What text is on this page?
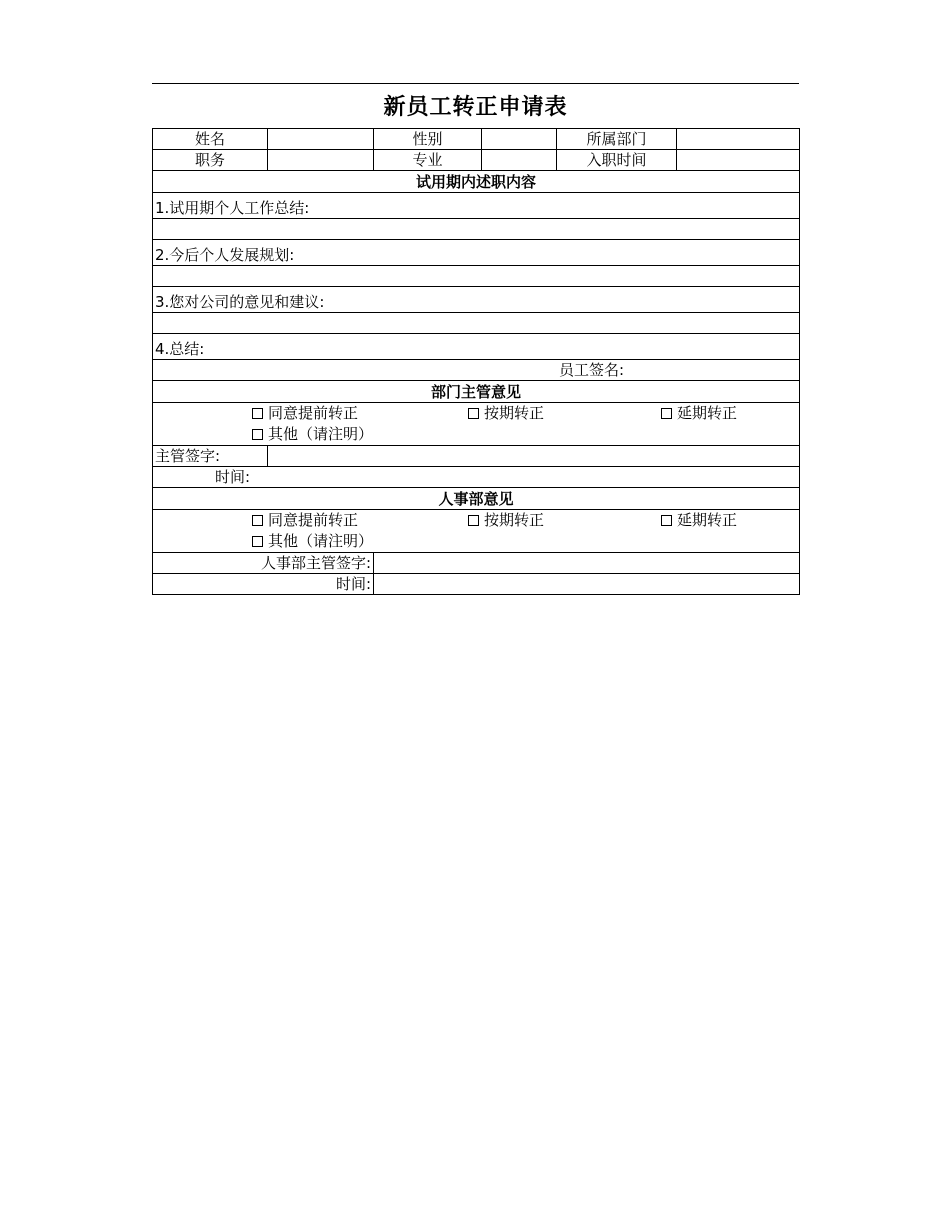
新员工转正申请表
姓名		性别		所属部门	
职务		专业		入职时间	
试用期内述职内容					
1.试用期个人工作总结:					

2.今后个人发展规划:					

3.您对公司的意见和建议:					

4.总结:					
员工签名:					
部门主管意见					

同意提前转正 按期转正 延期转正
其他（请注明）					

主管签字:					
时间:					
人事部意见					

同意提前转正 按期转正 延期转正
其他（请注明）					

人事部主管签字:					
时间:					
